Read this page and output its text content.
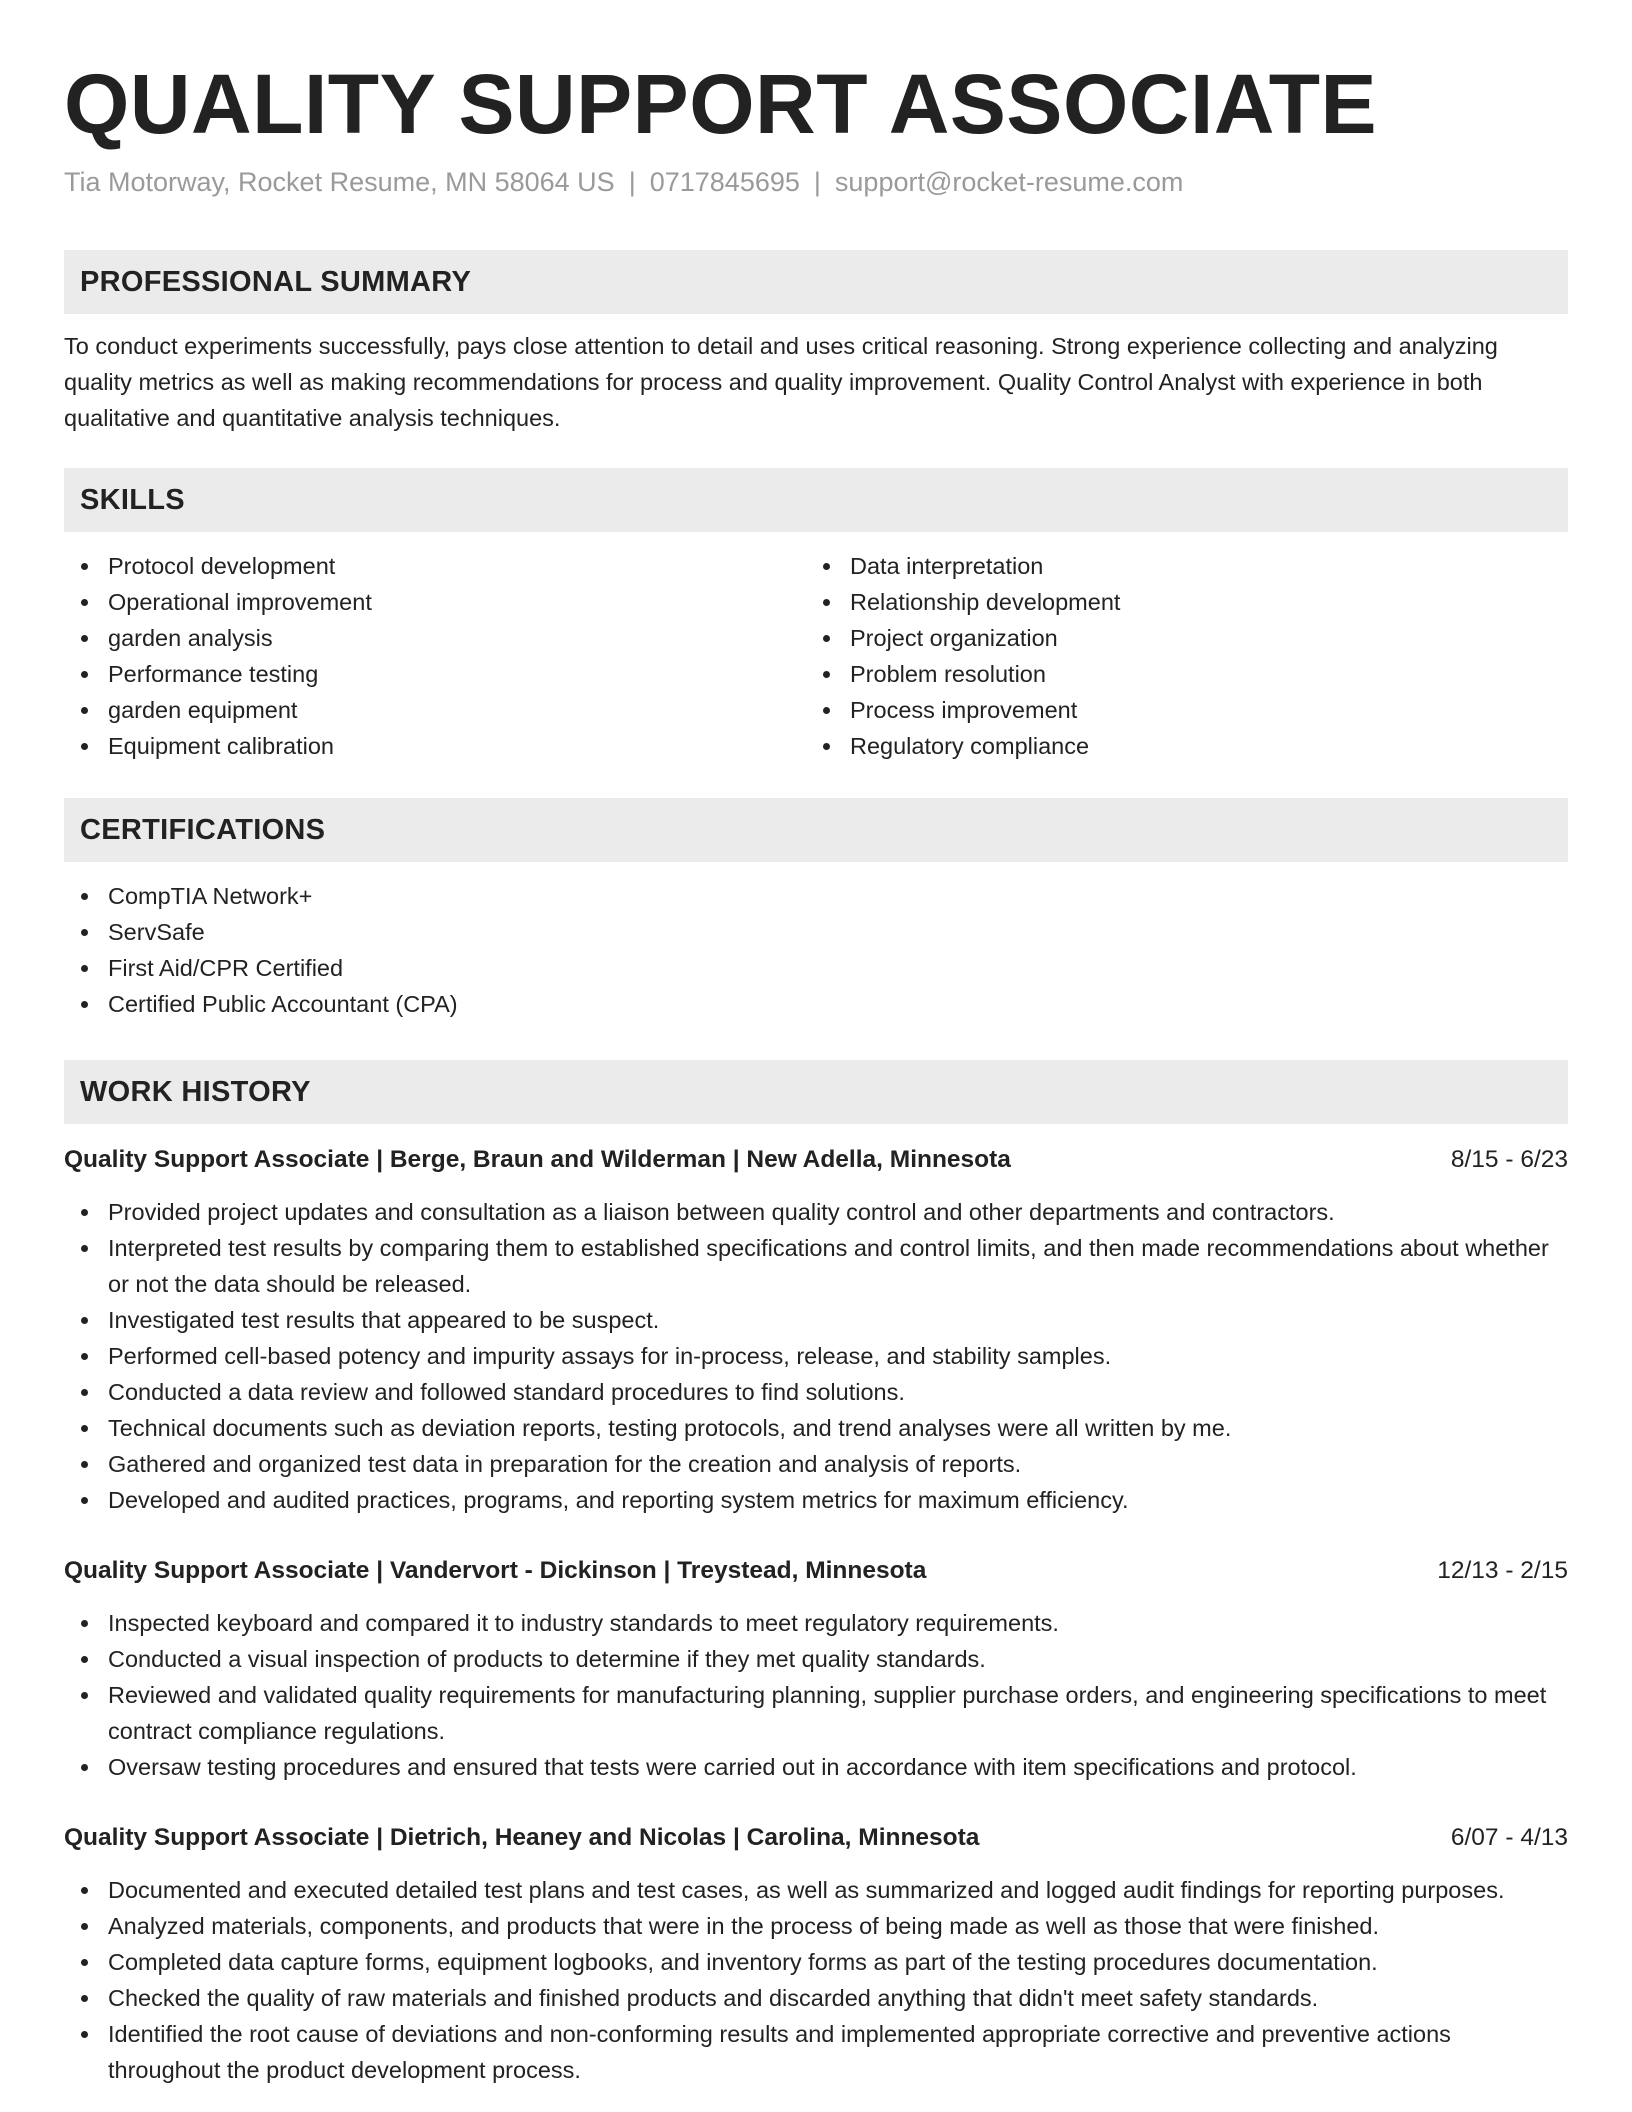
QUALITY SUPPORT ASSOCIATE
Tia Motorway, Rocket Resume, MN 58064 US | 0717845695 | support@rocket-resume.com
PROFESSIONAL SUMMARY

To conduct experiments successfully, pays close attention to detail and uses critical reasoning. Strong experience collecting and analyzing quality metrics as well as making recommendations for process and quality improvement. Quality Control Analyst with experience in both qualitative and quantitative analysis techniques.

SKILLS
Protocol development
Operational improvement
garden analysis
Performance testing
garden equipment
Equipment calibration
Data interpretation
Relationship development
Project organization
Problem resolution
Process improvement
Regulatory compliance
CERTIFICATIONS
CompTIA Network+
ServSafe
First Aid/CPR Certified
Certified Public Accountant (CPA)
WORK HISTORY
Quality Support Associate | Berge, Braun and Wilderman | New Adella, Minnesota	8/15 - 6/23
Provided project updates and consultation as a liaison between quality control and other departments and contractors.
Interpreted test results by comparing them to established specifications and control limits, and then made recommendations about whether or not the data should be released.
Investigated test results that appeared to be suspect.
Performed cell-based potency and impurity assays for in-process, release, and stability samples.
Conducted a data review and followed standard procedures to find solutions.
Technical documents such as deviation reports, testing protocols, and trend analyses were all written by me.
Gathered and organized test data in preparation for the creation and analysis of reports.
Developed and audited practices, programs, and reporting system metrics for maximum efficiency.
Quality Support Associate | Vandervort - Dickinson | Treystead, Minnesota	12/13 - 2/15
Inspected keyboard and compared it to industry standards to meet regulatory requirements.
Conducted a visual inspection of products to determine if they met quality standards.
Reviewed and validated quality requirements for manufacturing planning, supplier purchase orders, and engineering specifications to meet contract compliance regulations.
Oversaw testing procedures and ensured that tests were carried out in accordance with item specifications and protocol.
Quality Support Associate | Dietrich, Heaney and Nicolas | Carolina, Minnesota	6/07 - 4/13
Documented and executed detailed test plans and test cases, as well as summarized and logged audit findings for reporting purposes.
Analyzed materials, components, and products that were in the process of being made as well as those that were finished.
Completed data capture forms, equipment logbooks, and inventory forms as part of the testing procedures documentation.
Checked the quality of raw materials and finished products and discarded anything that didn't meet safety standards.
Identified the root cause of deviations and non-conforming results and implemented appropriate corrective and preventive actions throughout the product development process.
